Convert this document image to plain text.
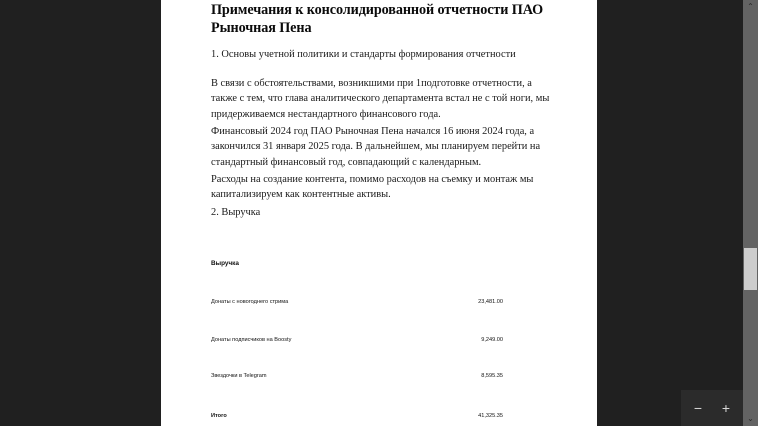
Примечания к консолидированной отчетности ПАО Рыночная Пена
1. Основы учетной политики и стандарты формирования отчетности
В связи с обстоятельствами, возникшими при 1подготовке отчетности, а также с тем, что глава аналитического департамента встал не с той ноги, мы придерживаемся нестандартного финансового года.
Финансовый 2024 год ПАО Рыночная Пена начался 16 июня 2024 года, а закончился 31 января 2025 года. В дальнейшем, мы планируем перейти на стандартный финансовый год, совпадающий с календарным.
Расходы на создание контента, помимо расходов на съемку и монтаж мы капитализируем как контентные активы.
2. Выручка
Выручка	
Донаты с новогоднего стрима	23,481.00
Донаты подписчиков на Boosty	9,249.00
Звездочки в Telegram	8,595.35
Итого	41,325.35	− +
⌃
⌄
